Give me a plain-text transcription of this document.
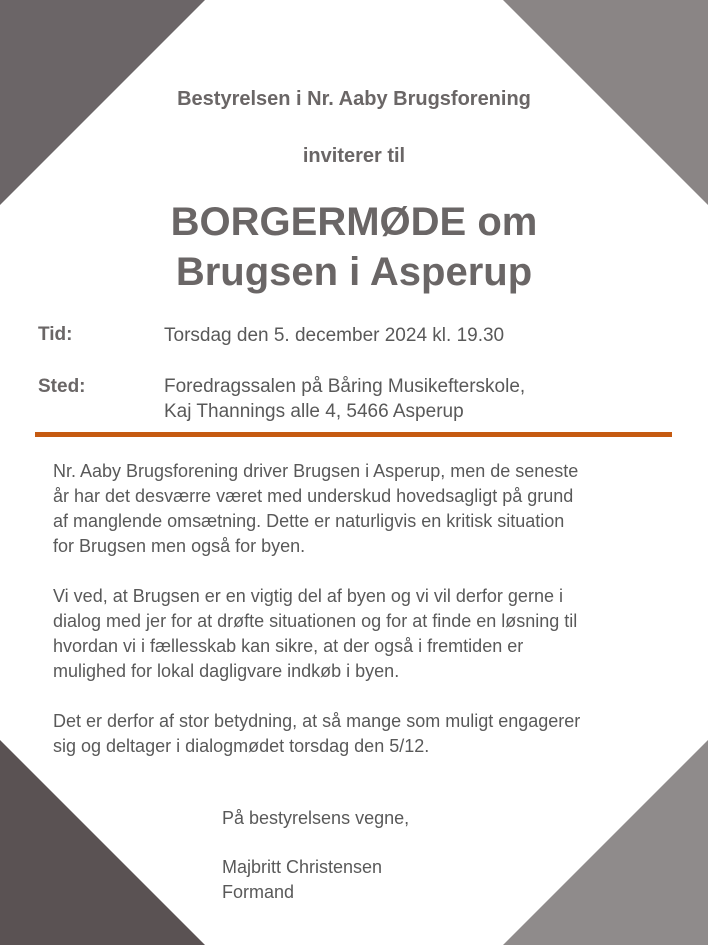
Bestyrelsen i Nr. Aaby Brugsforening
inviterer til
BORGERMØDE om
Brugsen i Asperup
Tid:	Torsdag den 5. december 2024 kl. 19.30
Sted:	Foredragssalen på Båring Musikefterskole,
Kaj Thannings alle 4, 5466 Asperup
Nr. Aaby Brugsforening driver Brugsen i Asperup, men de seneste
år har det desværre været med underskud hovedsagligt på grund
af manglende omsætning. Dette er naturligvis en kritisk situation
for Brugsen men også for byen.
Vi ved, at Brugsen er en vigtig del af byen og vi vil derfor gerne i
dialog med jer for at drøfte situationen og for at finde en løsning til
hvordan vi i fællesskab kan sikre, at der også i fremtiden er
mulighed for lokal dagligvare indkøb i byen.
Det er derfor af stor betydning, at så mange som muligt engagerer
sig og deltager i dialogmødet torsdag den 5/12.
På bestyrelsens vegne,
Majbritt Christensen
Formand
